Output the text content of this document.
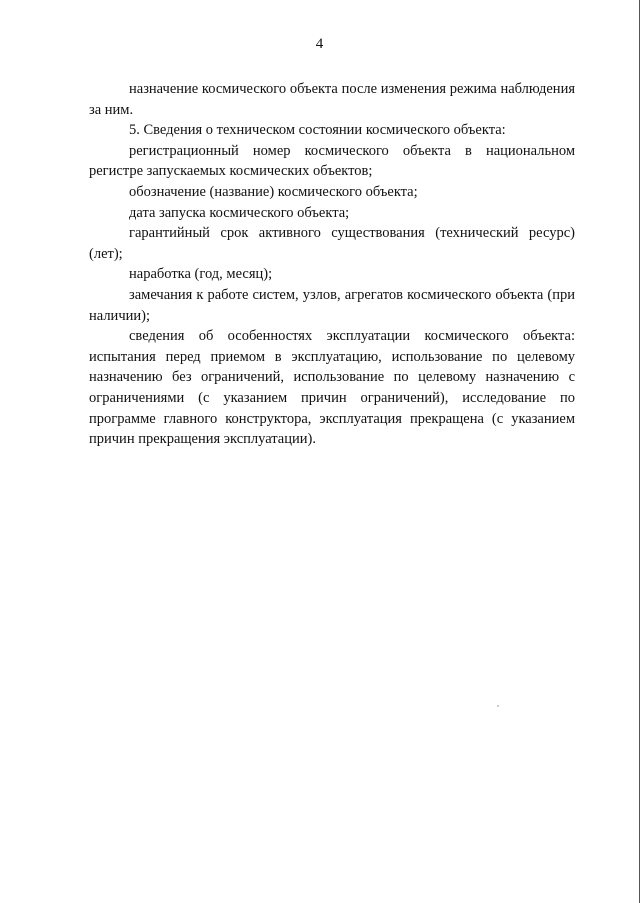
4

назначение космического объекта после изменения режима наблюдения за ним.

5. Сведения о техническом состоянии космического объекта:

регистрационный номер космического объекта в национальном регистре запускаемых космических объектов;

обозначение (название) космического объекта;

дата запуска космического объекта;

гарантийный срок активного существования (технический ресурс) (лет);

наработка (год, месяц);

замечания к работе систем, узлов, агрегатов космического объекта (при наличии);

сведения об особенностях эксплуатации космического объекта: испытания перед приемом в эксплуатацию, использование по целевому назначению без ограничений, использование по целевому назначению с ограничениями (с указанием причин ограничений), исследование по программе главного конструктора, эксплуатация прекращена (с указанием причин прекращения эксплуатации).
